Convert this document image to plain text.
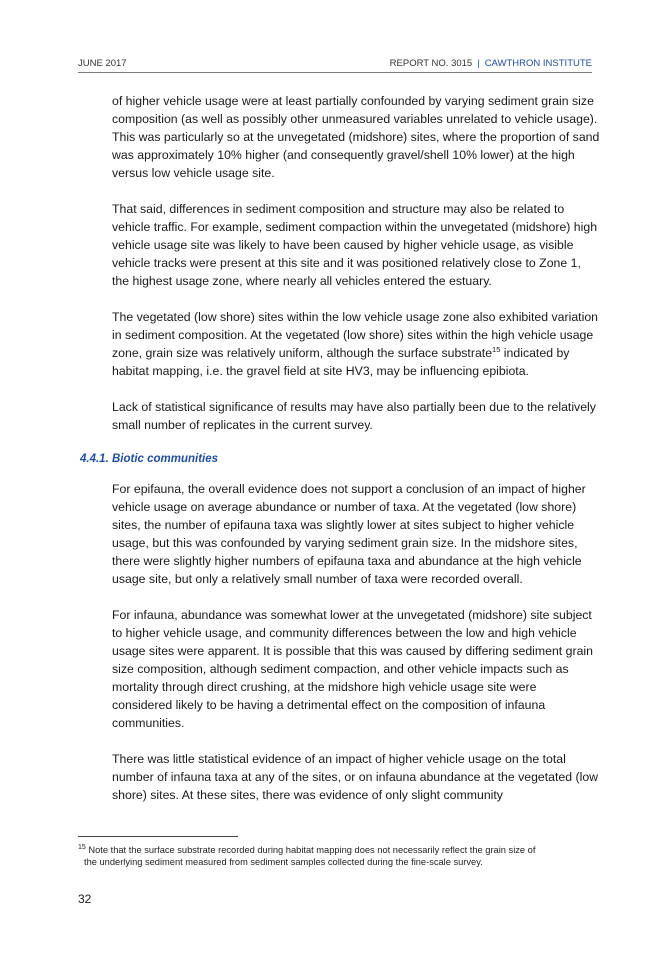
JUNE 2017	REPORT NO. 3015 | CAWTHRON INSTITUTE

of higher vehicle usage were at least partially confounded by varying sediment grain size composition (as well as possibly other unmeasured variables unrelated to vehicle usage). This was particularly so at the unvegetated (midshore) sites, where the proportion of sand was approximately 10% higher (and consequently gravel/shell 10% lower) at the high versus low vehicle usage site.

That said, differences in sediment composition and structure may also be related to vehicle traffic. For example, sediment compaction within the unvegetated (midshore) high vehicle usage site was likely to have been caused by higher vehicle usage, as visible vehicle tracks were present at this site and it was positioned relatively close to Zone 1, the highest usage zone, where nearly all vehicles entered the estuary.

The vegetated (low shore) sites within the low vehicle usage zone also exhibited variation in sediment composition. At the vegetated (low shore) sites within the high vehicle usage zone, grain size was relatively uniform, although the surface substrate$^{15}$ indicated by habitat mapping, i.e. the gravel field at site HV3, may be influencing epibiota.

Lack of statistical significance of results may have also partially been due to the relatively small number of replicates in the current survey.

4.4.1. Biotic communities

For epifauna, the overall evidence does not support a conclusion of an impact of higher vehicle usage on average abundance or number of taxa. At the vegetated (low shore) sites, the number of epifauna taxa was slightly lower at sites subject to higher vehicle usage, but this was confounded by varying sediment grain size. In the midshore sites, there were slightly higher numbers of epifauna taxa and abundance at the high vehicle usage site, but only a relatively small number of taxa were recorded overall.

For infauna, abundance was somewhat lower at the unvegetated (midshore) site subject to higher vehicle usage, and community differences between the low and high vehicle usage sites were apparent. It is possible that this was caused by differing sediment grain size composition, although sediment compaction, and other vehicle impacts such as mortality through direct crushing, at the midshore high vehicle usage site were considered likely to be having a detrimental effect on the composition of infauna communities.

There was little statistical evidence of an impact of higher vehicle usage on the total number of infauna taxa at any of the sites, or on infauna abundance at the vegetated (low shore) sites. At these sites, there was evidence of only slight community

$^{15}$ Note that the surface substrate recorded during habitat mapping does not necessarily reflect the grain size of
the underlying sediment measured from sediment samples collected during the fine-scale survey.
32
